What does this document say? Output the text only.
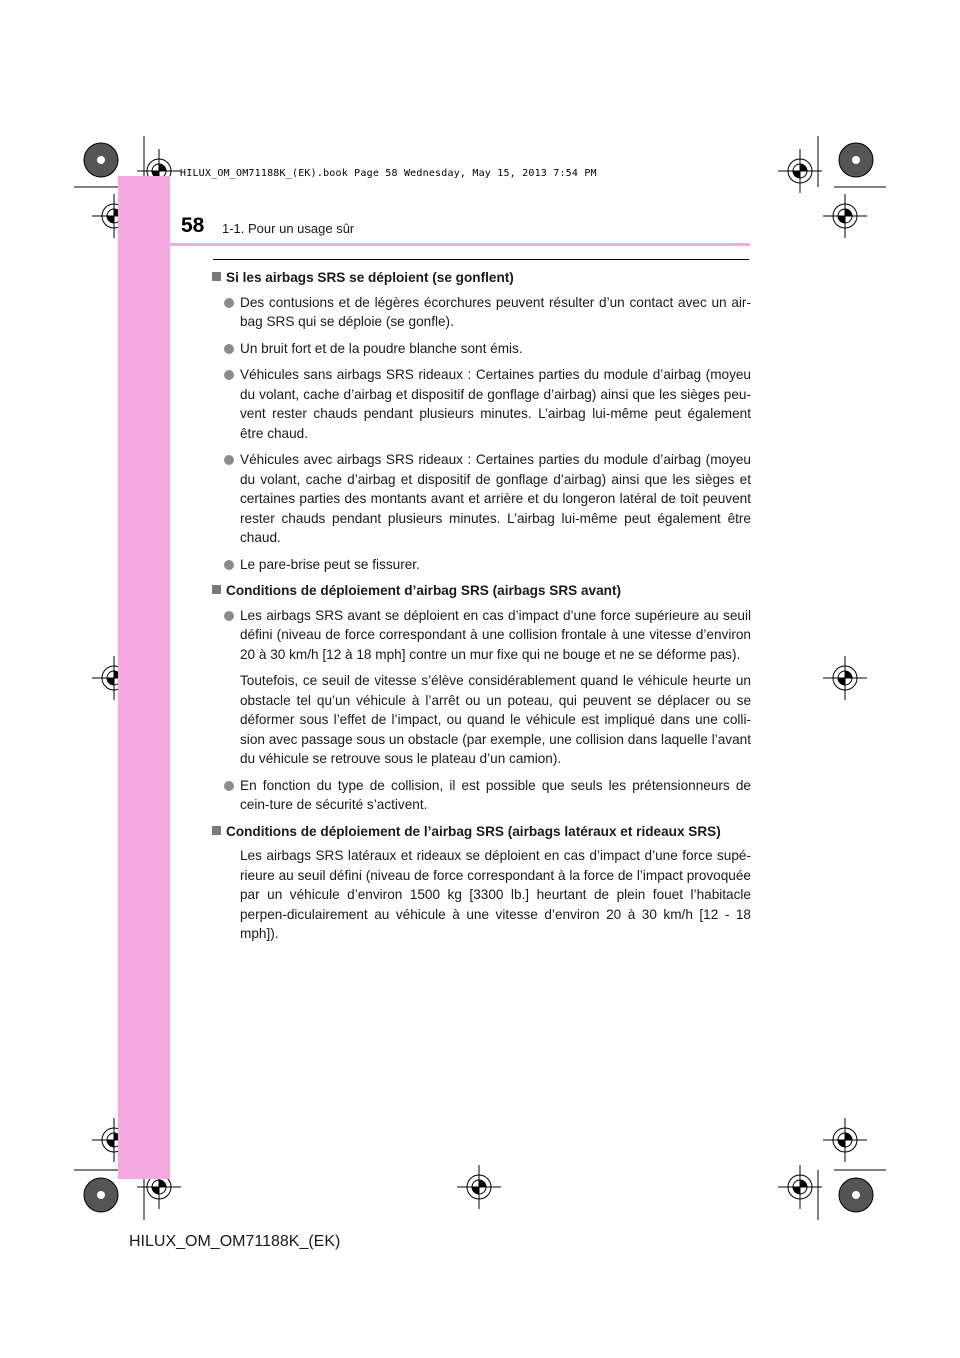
HILUX_OM_OM71188K_(EK).book Page 58 Wednesday, May 15, 2013 7:54 PM
58 1-1. Pour un usage sûr
Si les airbags SRS se déploient (se gonflent)
Des contusions et de légères écorchures peuvent résulter d’un contact avec un air-bag SRS qui se déploie (se gonfle).
Un bruit fort et de la poudre blanche sont émis.
Véhicules sans airbags SRS rideaux : Certaines parties du module d’airbag (moyeu du volant, cache d’airbag et dispositif de gonflage d’airbag) ainsi que les sièges peu-vent rester chauds pendant plusieurs minutes. L’airbag lui-même peut également être chaud.
Véhicules avec airbags SRS rideaux : Certaines parties du module d’airbag (moyeu du volant, cache d’airbag et dispositif de gonflage d’airbag) ainsi que les sièges et certaines parties des montants avant et arrière et du longeron latéral de toit peuvent rester chauds pendant plusieurs minutes. L’airbag lui-même peut également être chaud.
Le pare-brise peut se fissurer.
Conditions de déploiement d’airbag SRS (airbags SRS avant)
Les airbags SRS avant se déploient en cas d’impact d’une force supérieure au seuil défini (niveau de force correspondant à une collision frontale à une vitesse d’environ 20 à 30 km/h [12 à 18 mph] contre un mur fixe qui ne bouge et ne se déforme pas).
Toutefois, ce seuil de vitesse s’élève considérablement quand le véhicule heurte un obstacle tel qu’un véhicule à l’arrêt ou un poteau, qui peuvent se déplacer ou se déformer sous l’effet de l’impact, ou quand le véhicule est impliqué dans une colli-sion avec passage sous un obstacle (par exemple, une collision dans laquelle l’avant du véhicule se retrouve sous le plateau d’un camion).
En fonction du type de collision, il est possible que seuls les prétensionneurs de cein-ture de sécurité s’activent.
Conditions de déploiement de l’airbag SRS (airbags latéraux et rideaux SRS)
Les airbags SRS latéraux et rideaux se déploient en cas d’impact d’une force supé-rieure au seuil défini (niveau de force correspondant à la force de l’impact provoquée par un véhicule d’environ 1500 kg [3300 lb.] heurtant de plein fouet l’habitacle perpen-diculairement au véhicule à une vitesse d’environ 20 à 30 km/h [12 - 18 mph]).
HILUX_OM_OM71188K_(EK)
